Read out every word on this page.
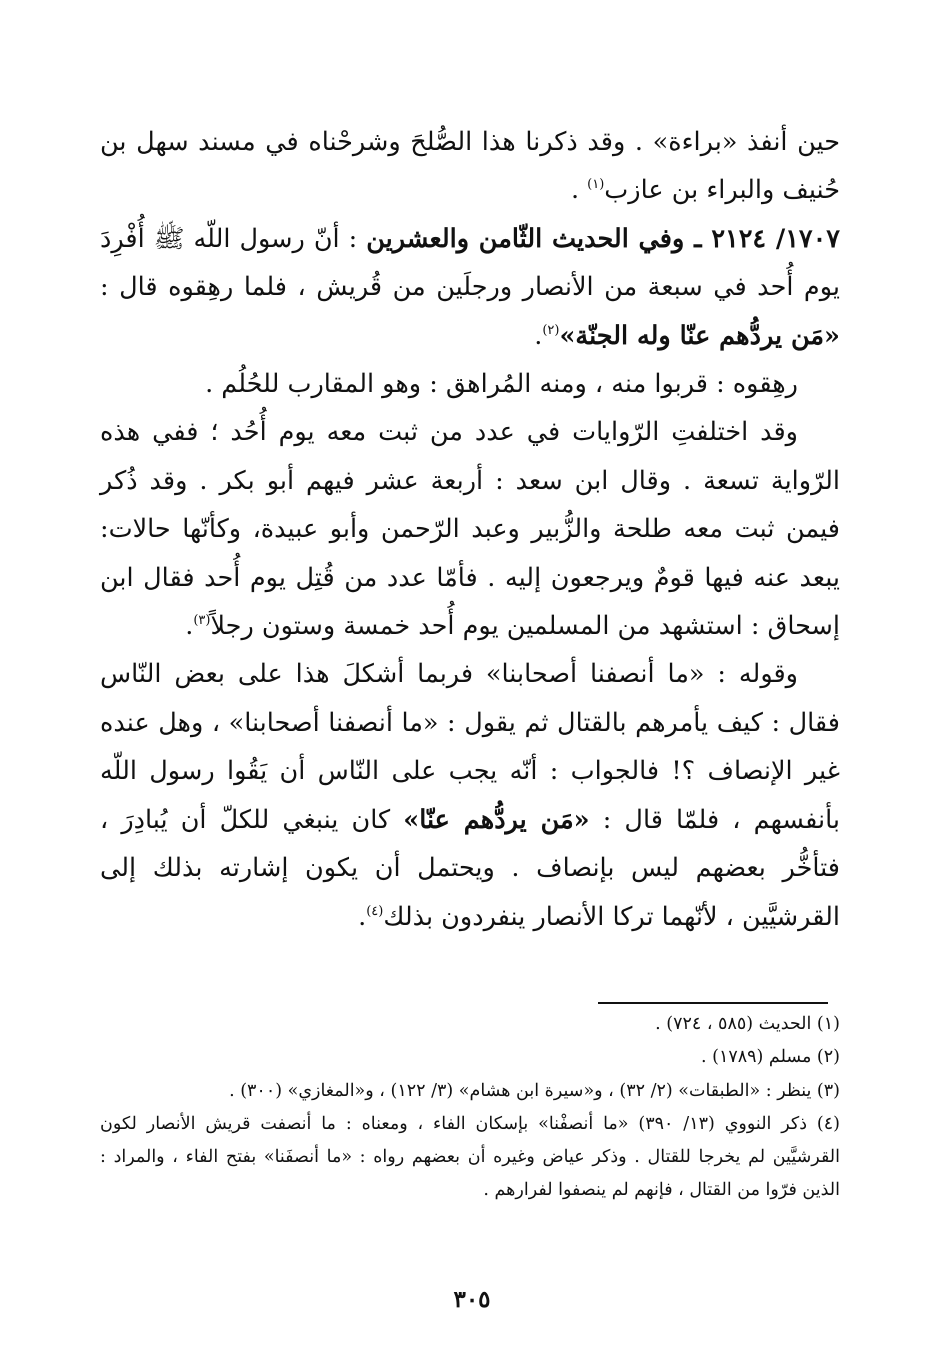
حين أنفذ «براءة» . وقد ذكرنا هذا الصُّلحَ وشرحْناه في مسند سهل بن حُنيف والبراء بن عازب$^{(١)}$ .

١٧٠٧/ ٢١٢٤ ـ وفي الحديث الثّامن والعشرين : أنّ رسول اللّه ﷺ أُفْرِدَ يوم أُحد في سبعة من الأنصار ورجلَين من قُريش ، فلما رهِقوه قال : «مَن يردُّهم عنّا وله الجنّة»$^{(٢)}$.

رهِقوه : قربوا منه ، ومنه المُراهق : وهو المقارب للحُلُم .

وقد اختلفتِ الرّوايات في عدد من ثبت معه يوم أُحُد ؛ ففي هذه الرّواية تسعة . وقال ابن سعد : أربعة عشر فيهم أبو بكر . وقد ذُكر فيمن ثبت معه طلحة والزُّبير وعبد الرّحمن وأبو عبيدة، وكأنّها حالات: يبعد عنه فيها قومٌ ويرجعون إليه . فأمّا عدد من قُتِل يوم أُحد فقال ابن إسحاق : استشهد من المسلمين يوم أُحد خمسة وستون رجلاً$^{(٣)}$.

وقوله : «ما أنصفنا أصحابنا» فربما أشكلَ هذا على بعض النّاس فقال : كيف يأمرهم بالقتال ثم يقول : «ما أنصفنا أصحابنا» ، وهل عنده غير الإنصاف ؟! فالجواب : أنّه يجب على النّاس أن يَقُوا رسول اللّه بأنفسهم ، فلمّا قال : «مَن يردُّهم عنّا» كان ينبغي للكلّ أن يُبادِرَ ، فتأخُّر بعضهم ليس بإنصاف . ويحتمل أن يكون إشارته بذلك إلى القرشيَّين ، لأنّهما تركا الأنصار ينفردون بذلك$^{(٤)}$.

(١) الحديث (٥٨٥ ، ٧٢٤) .

(٢) مسلم (١٧٨٩) .

(٣) ينظر : «الطبقات» (٢/ ٣٢) ، و«سيرة ابن هشام» (٣/ ١٢٢) ، و«المغازي» (٣٠٠) .

(٤) ذكر النووي (١٣/ ٣٩٠) «ما أنصفْنا» بإسكان الفاء ، ومعناه : ما أنصفت قريش الأنصار لكون القرشيَّين لم يخرجا للقتال . وذكر عياض وغيره أن بعضهم رواه : «ما أنصفَنا» بفتح الفاء ، والمراد : الذين فرّوا من القتال ، فإنهم لم ينصفوا لفرارهم .

٣٠٥
